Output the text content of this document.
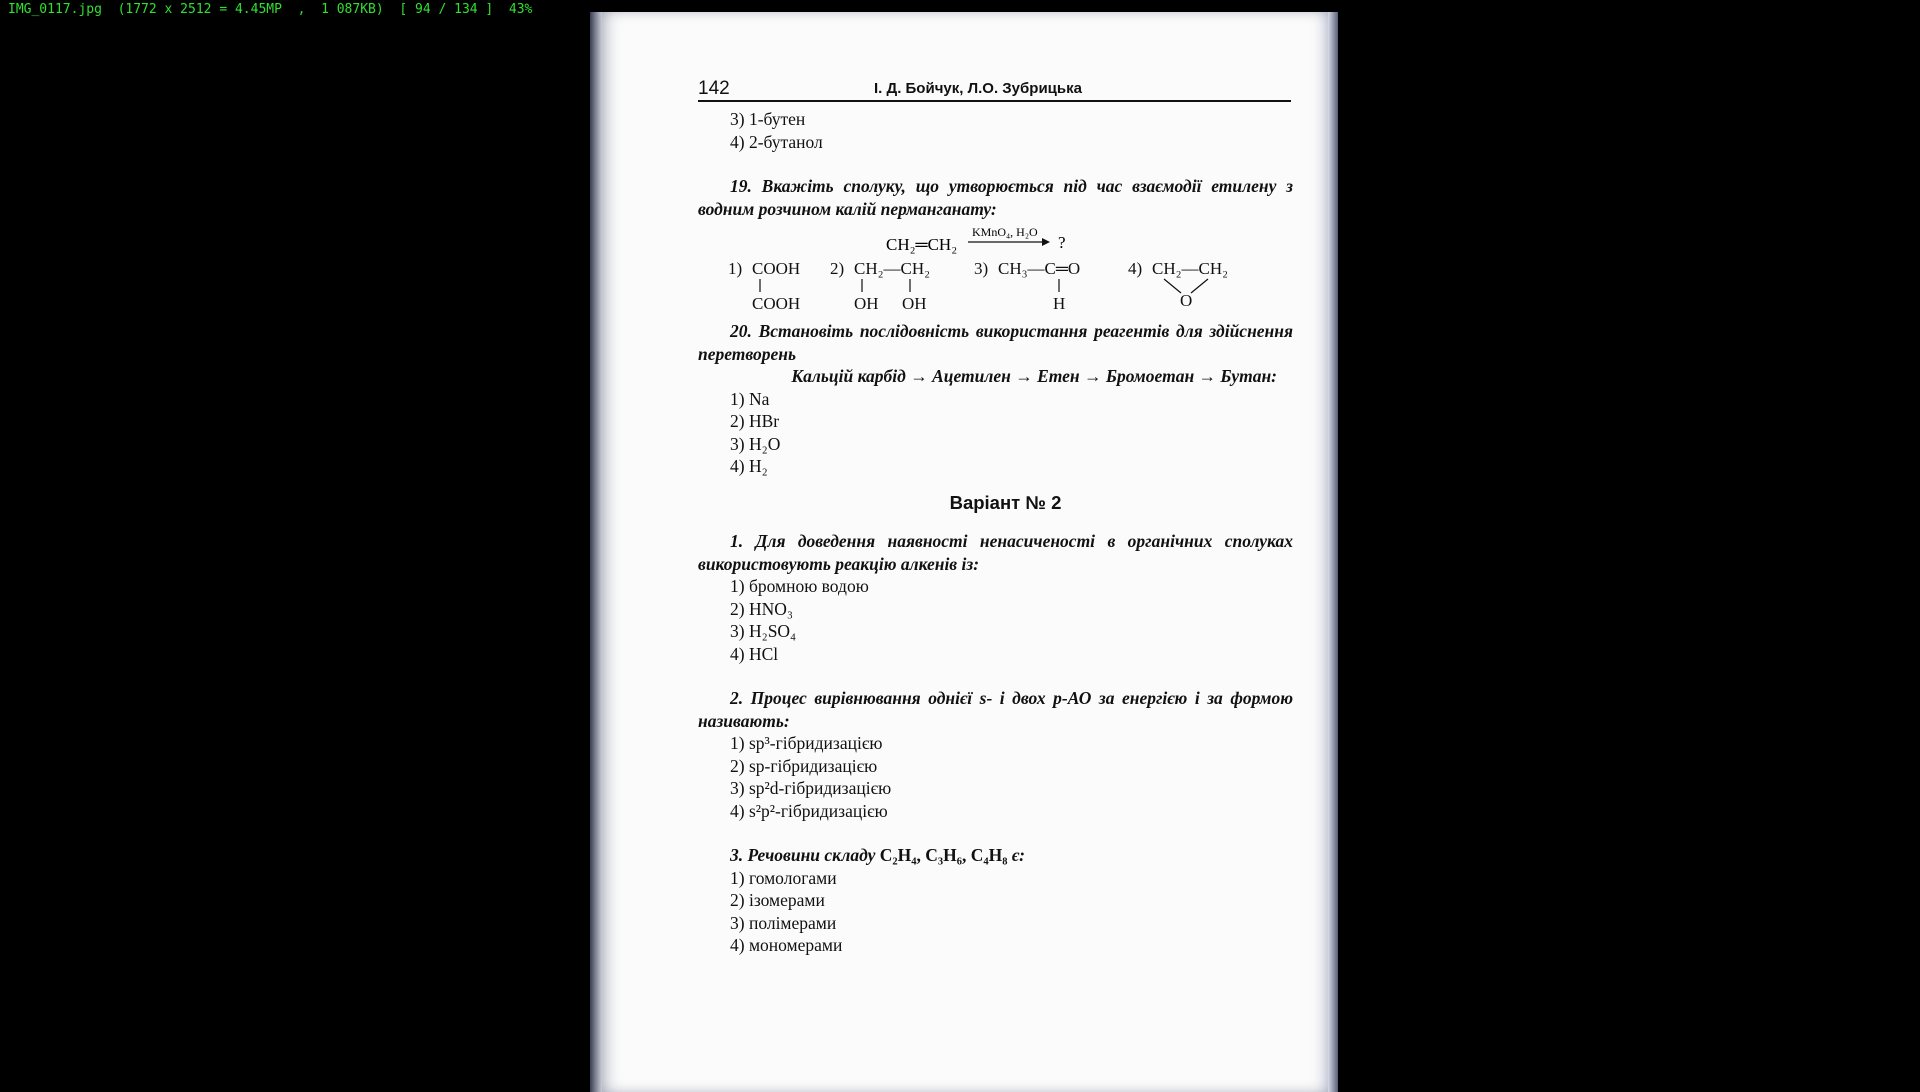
IMG_0117.jpg  (1772 x 2512 = 4.45MP  ,  1 087KB)  [ 94 / 134 ]  43%
142	І. Д. Бойчук, Л.О. Зубрицька
3) 1-бутен
4) 2-бутанол
19. Вкажіть сполуку, що утворюється під час взаємодії етилену з водним розчином калій перманганату:
CH₂═CH₂
KMnO₄, H₂O
?
1) COOH
COOH
2) CH₂—CH₂
OH OH
3) CH₃—C═O
H
4) CH₂—CH₂
O
20. Встановіть послідовність використання реагентів для здійснення перетворень
Кальцій карбід → Ацетилен → Етен → Бромоетан → Бутан:
1) Na
2) HBr
3) H₂O
4) H₂
Варіант № 2
1. Для доведення наявності ненасиченості в органічних сполуках використовують реакцію алкенів із:
1) бромною водою
2) HNO₃
3) H₂SO₄
4) HCl
2. Процес вирівнювання однієї s- і двох p-АО за енергією і за формою називають:
1) sp³-гібридизацією
2) sp-гібридизацією
3) sp²d-гібридизацією
4) s²p²-гібридизацією
3. Речовини складу C₂H₄, C₃H₆, C₄H₈ є:
1) гомологами
2) ізомерами
3) полімерами
4) мономерами
